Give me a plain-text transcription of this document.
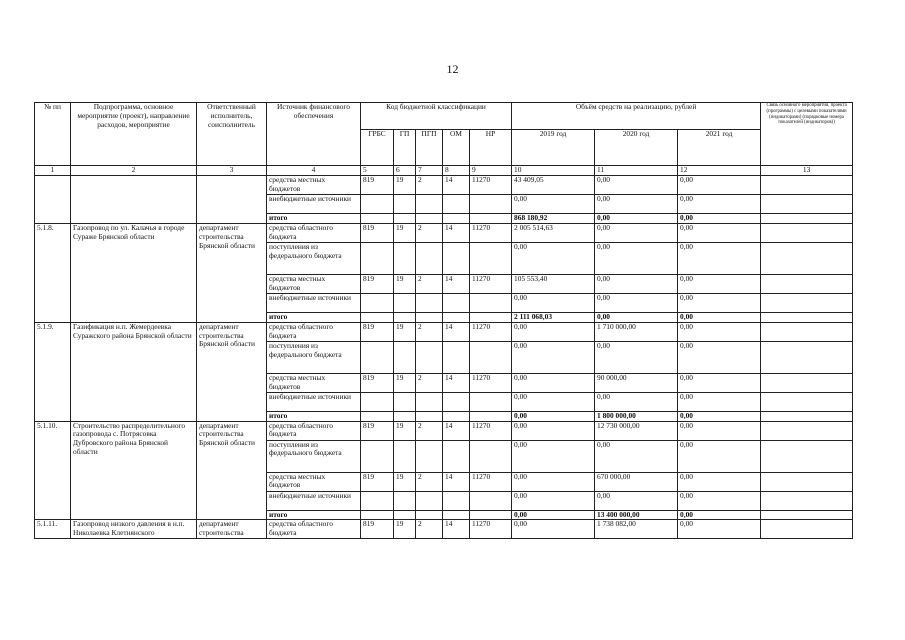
12
№ пп	Подпрограмма, основное мероприятие (проект), направление расходов, мероприятие	Ответственный исполнитель, соисполнитель	Источник финансового обеспечения	Код бюджетной классификации					Объём средств на реализацию, рублей			Связь основного мероприятия, проекта (программы) с целевыми показателями (индикаторами) (порядковые номера показателей (индикаторов))
				ГРБС	ГП	ПГП	ОМ	НР	2019 год	2020 год	2021 год	
1	2	3	4	5	6	7	8	9	10	11	12	13
			средства местных бюджетов	819	19	2	14	11270	43 409,05	0,00	0,00	
			внебюджетные источники						0,00	0,00	0,00	
			итого						868 180,92	0,00	0,00	
5.1.8.	Газопровод по ул. Калачья в городе Сураже Брянской области	департамент строительства Брянской области	средства областного бюджета	819	19	2	14	11270	2 005 514,63	0,00	0,00	
			поступления из федерального бюджета						0,00	0,00	0,00	
			средства местных бюджетов	819	19	2	14	11270	105 553,40	0,00	0,00	
			внебюджетные источники						0,00	0,00	0,00	
			итого						2 111 068,03	0,00	0,00	
5.1.9.	Газификация н.п. Жемердеевка Суражского района Брянской области	департамент строительства Брянской области	средства областного бюджета	819	19	2	14	11270	0,00	1 710 000,00	0,00	
			поступления из федерального бюджета						0,00	0,00	0,00	
			средства местных бюджетов	819	19	2	14	11270	0,00	90 000,00	0,00	
			внебюджетные источники						0,00	0,00	0,00	
			итого						0,00	1 800 000,00	0,00	
5.1.10.	Строительство распределительного газопровода с. Потрясовка Дубровского района Брянской области	департамент строительства Брянской области	средства областного бюджета	819	19	2	14	11270	0,00	12 730 000,00	0,00	
			поступления из федерального бюджета						0,00	0,00	0,00	
			средства местных бюджетов	819	19	2	14	11270	0,00	670 000,00	0,00	
			внебюджетные источники						0,00	0,00	0,00	
			итого						0,00	13 400 000,00	0,00	
5.1.11.	Газопровод низкого давления в н.п. Николаевка Клетнянского	департамент строительства	средства областного бюджета	819	19	2	14	11270	0,00	1 738 082,00	0,00	
